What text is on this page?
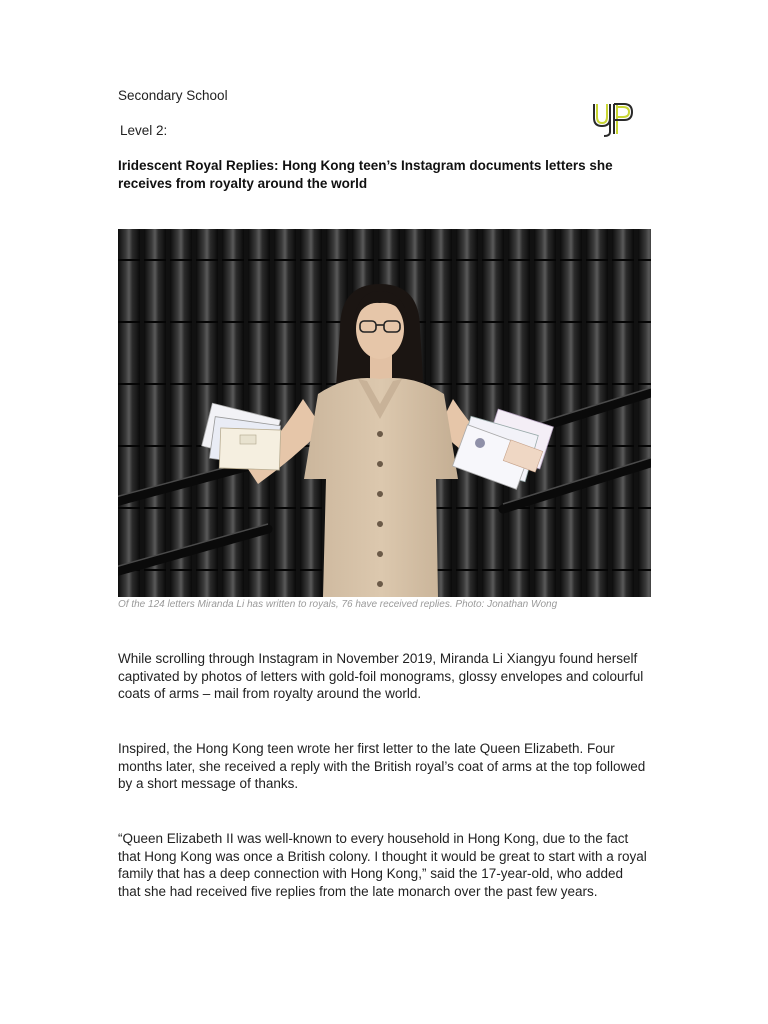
Secondary School
Level 2:
Iridescent Royal Replies: Hong Kong teen’s Instagram documents letters she receives from royalty around the world
Of the 124 letters Miranda Li has written to royals, 76 have received replies. Photo: Jonathan Wong
While scrolling through Instagram in November 2019, Miranda Li Xiangyu found herself captivated by photos of letters with gold-foil monograms, glossy envelopes and colourful coats of arms – mail from royalty around the world.
Inspired, the Hong Kong teen wrote her first letter to the late Queen Elizabeth. Four months later, she received a reply with the British royal’s coat of arms at the top followed by a short message of thanks.
“Queen Elizabeth II was well-known to every household in Hong Kong, due to the fact that Hong Kong was once a British colony. I thought it would be great to start with a royal family that has a deep connection with Hong Kong,” said the 17-year-old, who added that she had received five replies from the late monarch over the past few years.
